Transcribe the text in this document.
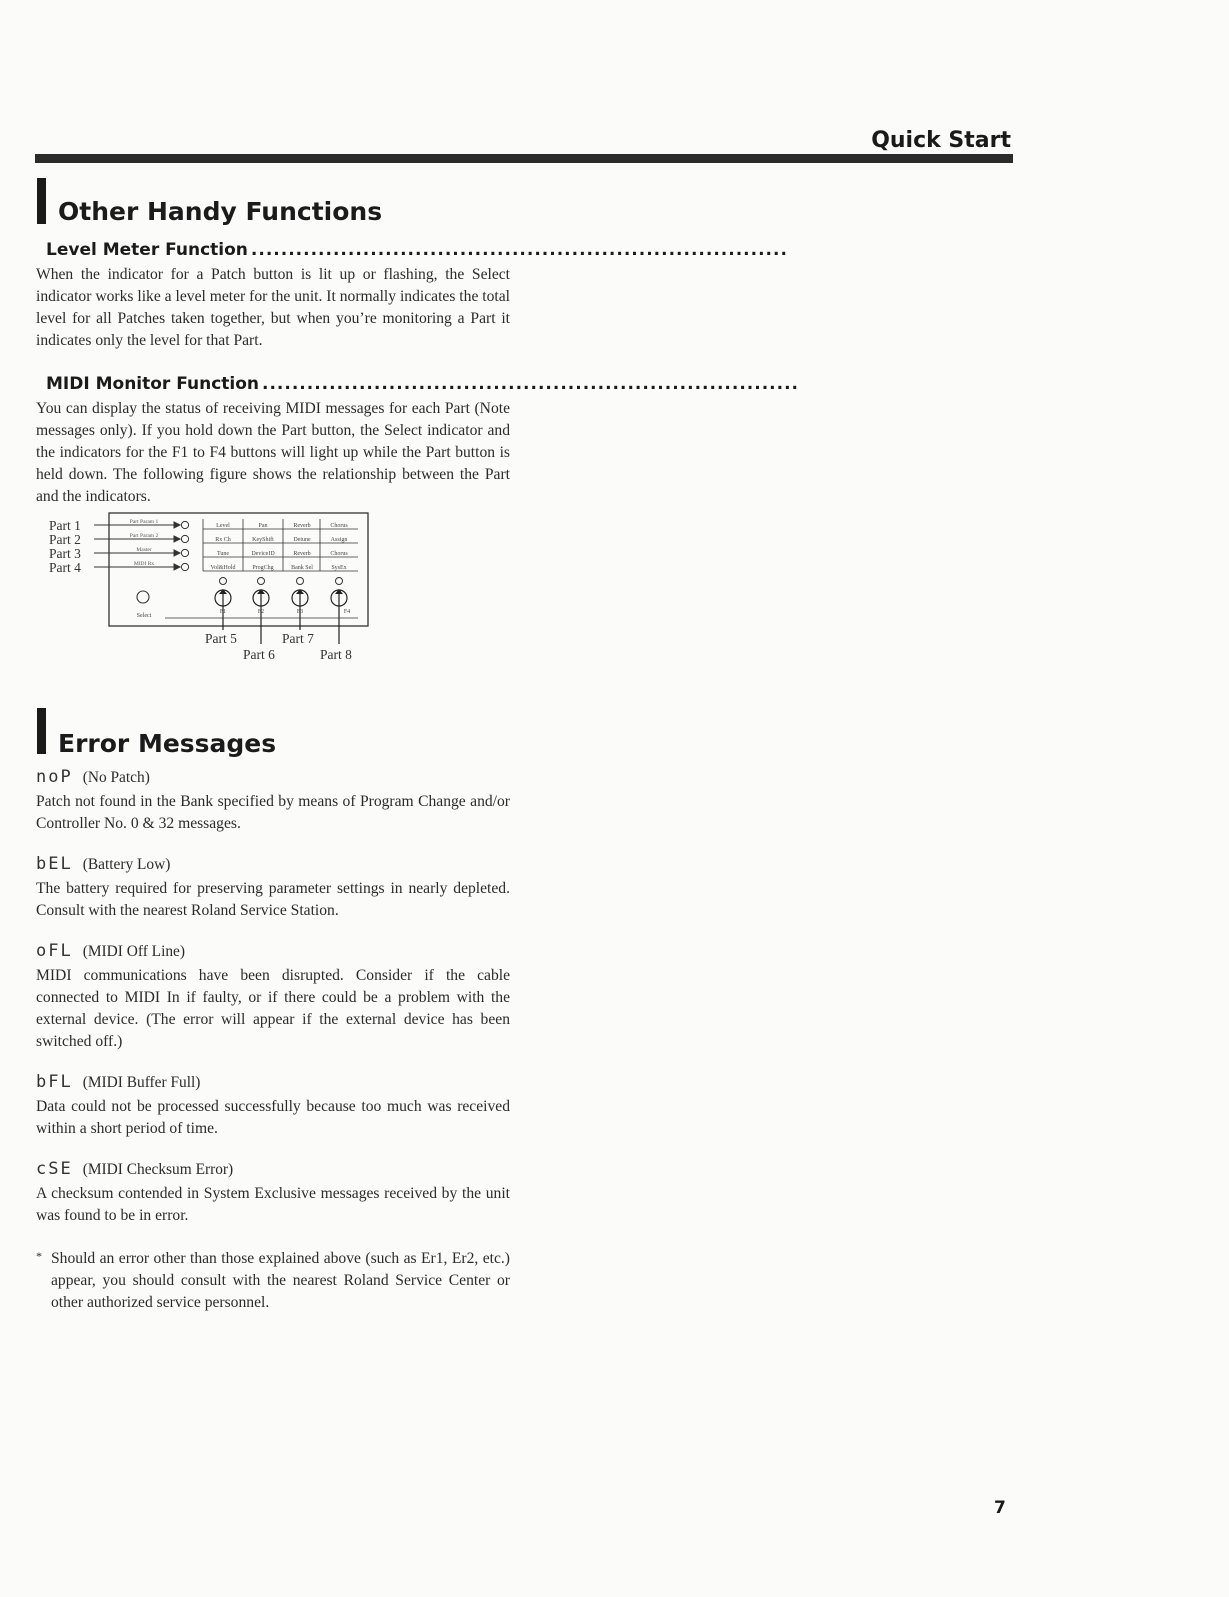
Quick Start
Other Handy Functions
Level Meter Function ........................................................................
When the indicator for a Patch button is lit up or flashing, the Select indicator works like a level meter for the unit. It normally indicates the total level for all Patches taken together, but when you’re monitoring a Part it indicates only the level for that Part.
MIDI Monitor Function ........................................................................
You can display the status of receiving MIDI messages for each Part (Note messages only). If you hold down the Part button, the Select indicator and the indicators for the F1 to F4 buttons will light up while the Part button is held down. The following figure shows the relationship between the Part and the indicators.
Part 1
Part 2
Part 3
Part 4
Part Param 1
Part Param 2
Master
MIDI Rx
Level	Pan	Reverb	Chorus
Rx Ch	KeyShift	Detune	Assign
Tune	DeviceID	Reverb	Chorus
Vol&Hold	ProgChg	Bank Sel	SysEx
F1	F2	F3	F4
Select
Part 5	Part 7
Part 6	Part 8
Error Messages
noP (No Patch)
Patch not found in the Bank specified by means of Program Change and/or Controller No. 0 & 32 messages.
bEL (Battery Low)
The battery required for preserving parameter settings in nearly depleted. Consult with the nearest Roland Service Station.
oFL (MIDI Off Line)
MIDI communications have been disrupted. Consider if the cable connected to MIDI In if faulty, or if there could be a problem with the external device. (The error will appear if the external device has been switched off.)
bFL (MIDI Buffer Full)
Data could not be processed successfully because too much was received within a short period of time.
cSE (MIDI Checksum Error)
A checksum contended in System Exclusive messages received by the unit was found to be in error.
* Should an error other than those explained above (such as Er1, Er2, etc.) appear, you should consult with the nearest Roland Service Center or other authorized service personnel.
7
